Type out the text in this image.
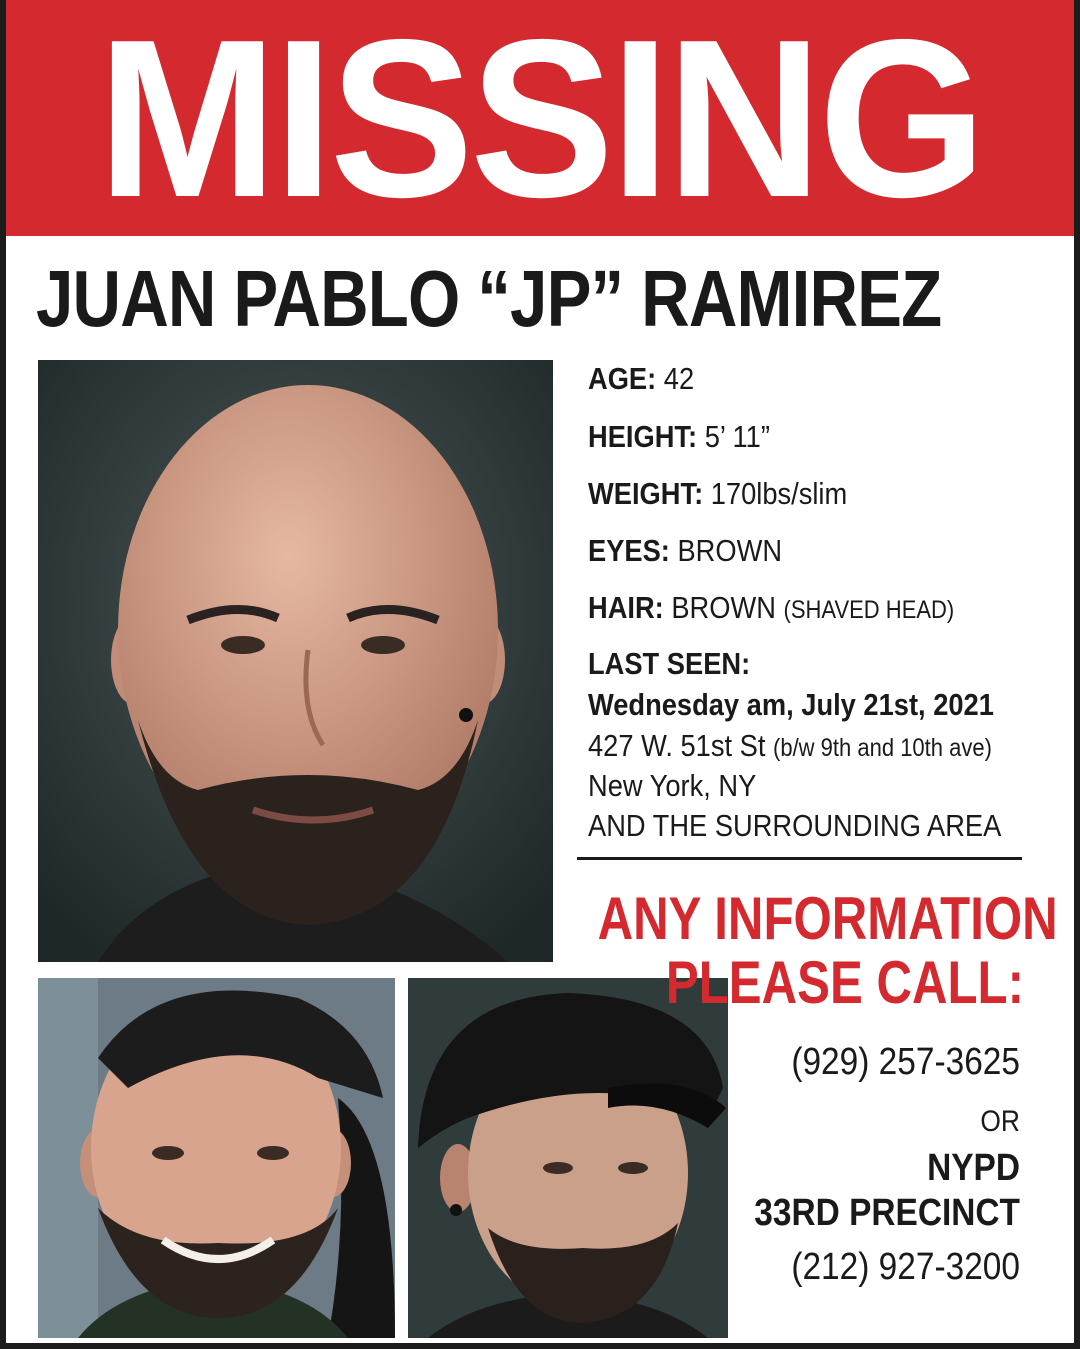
MISSING
JUAN PABLO “JP” RAMIREZ
AGE: 42
HEIGHT: 5’ 11”
WEIGHT: 170lbs/slim
EYES: BROWN
HAIR: BROWN (SHAVED HEAD)
LAST SEEN:
Wednesday am, July 21st, 2021
427 W. 51st St (b/w 9th and 10th ave)
New York, NY
AND THE SURROUNDING AREA
ANY INFORMATION
PLEASE CALL:
(929) 257-3625
OR
NYPD
33RD PRECINCT
(212) 927-3200
